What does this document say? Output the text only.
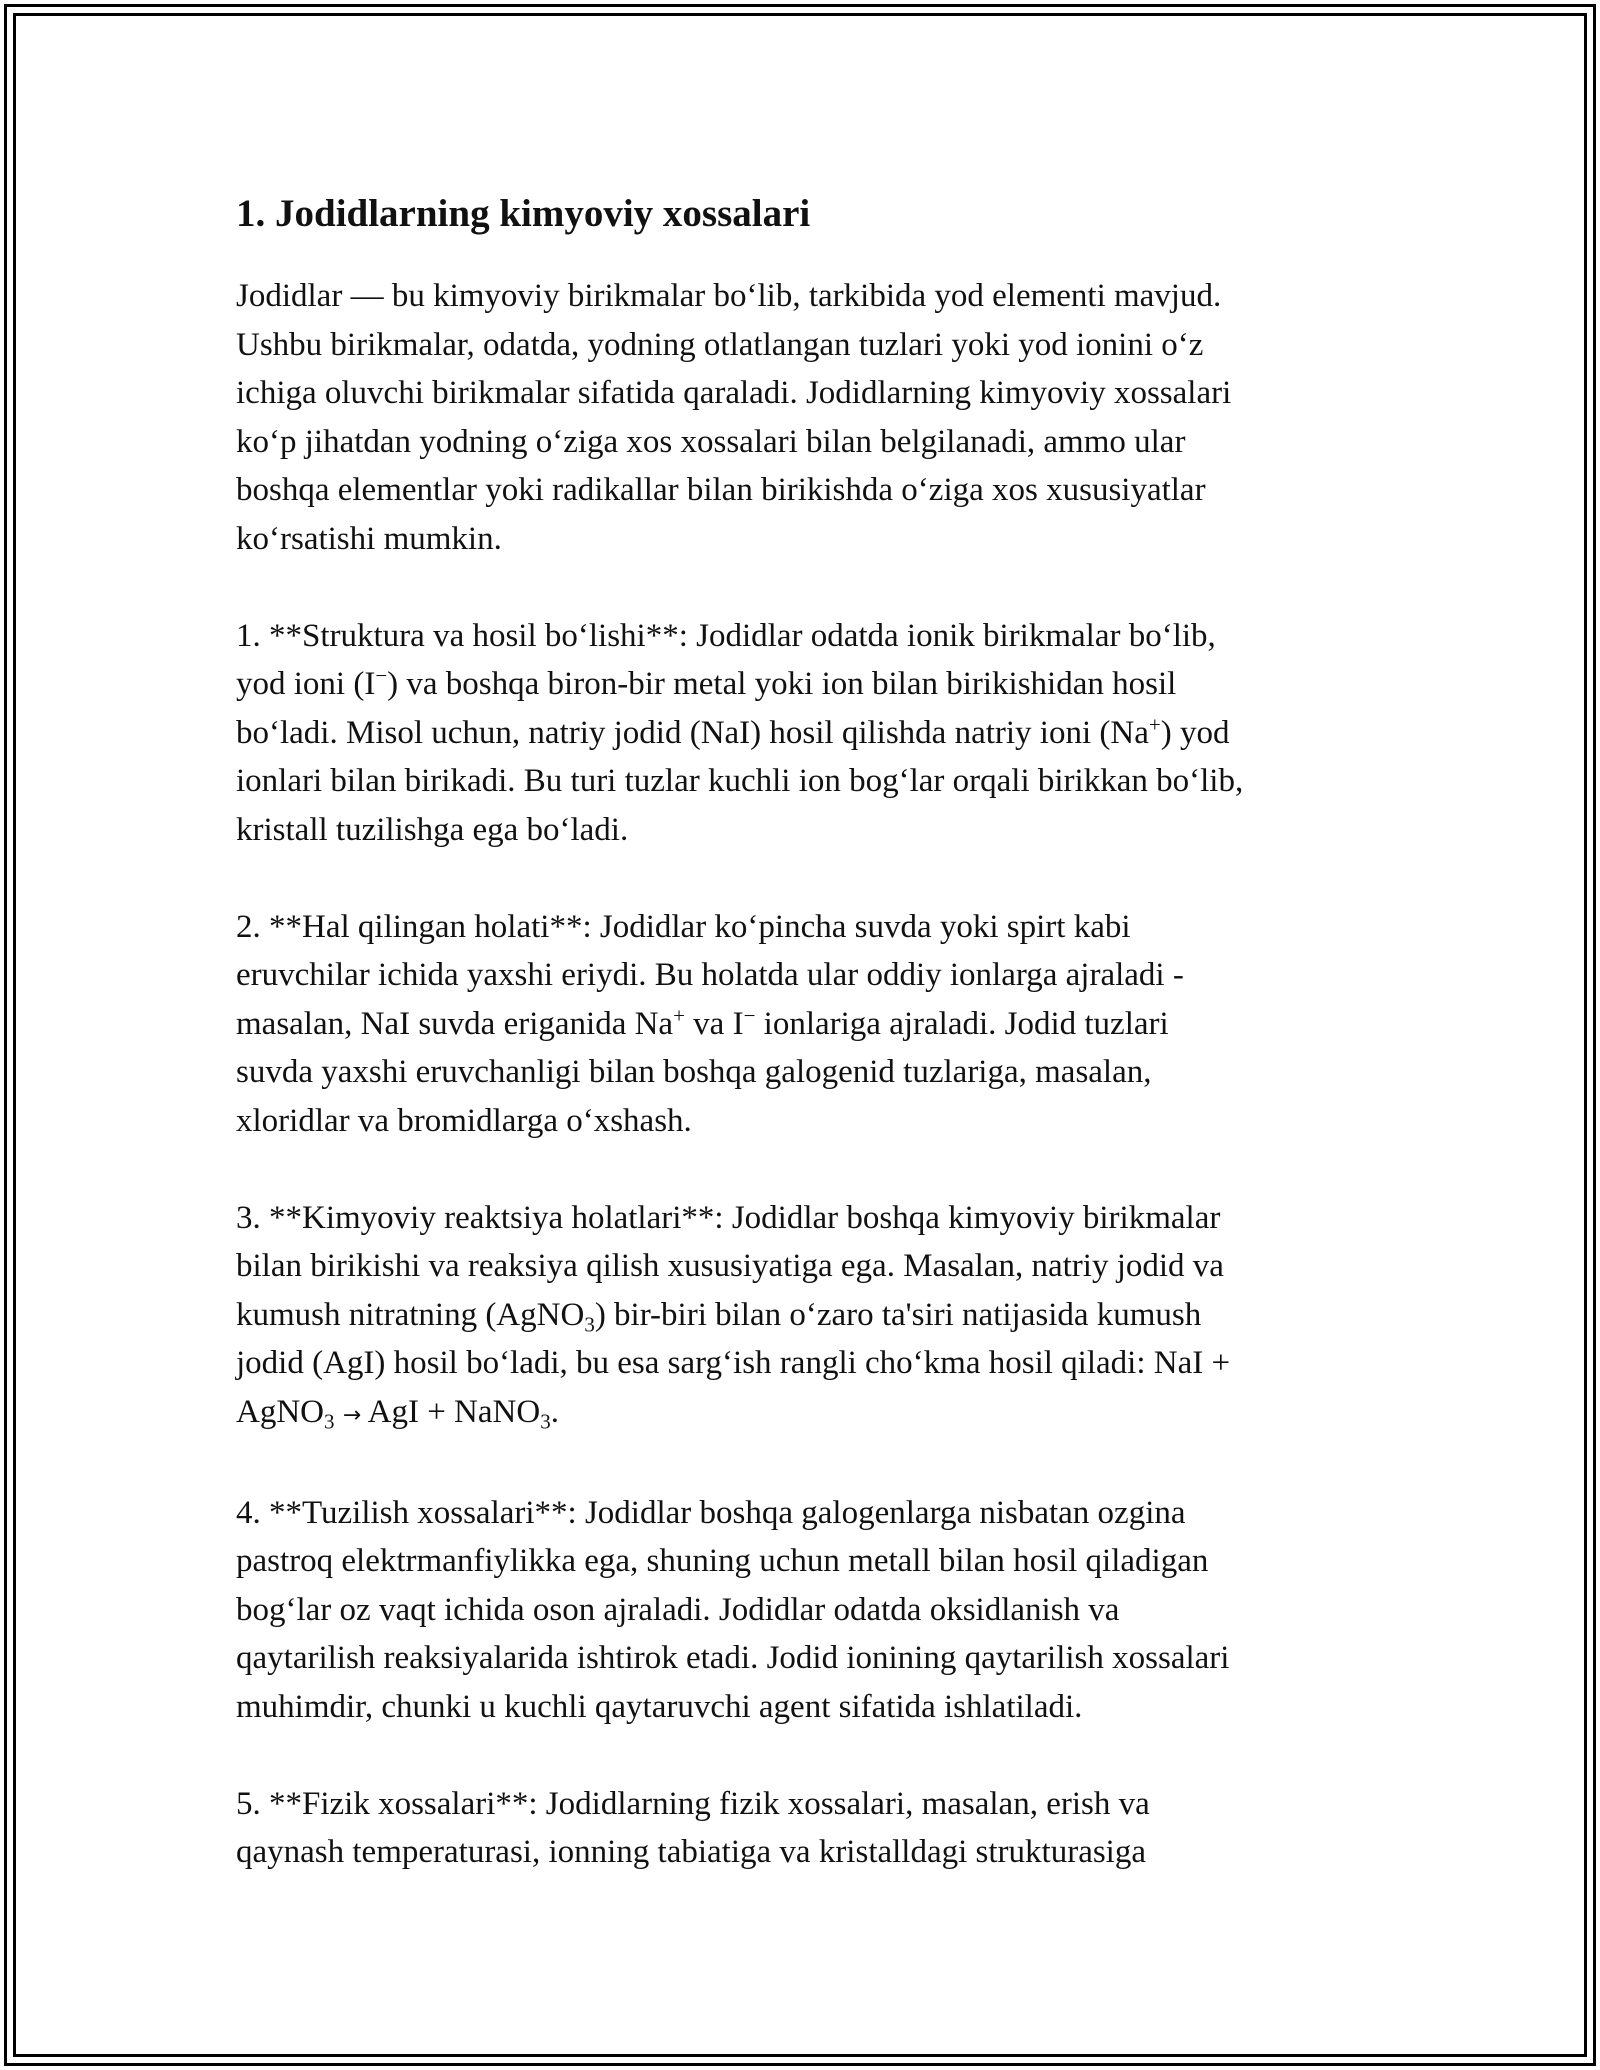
1. Jodidlarning kimyoviy xossalari
Jodidlar — bu kimyoviy birikmalar bo‘lib, tarkibida yod elementi mavjud.
Ushbu birikmalar, odatda, yodning otlatlangan tuzlari yoki yod ionini o‘z
ichiga oluvchi birikmalar sifatida qaraladi. Jodidlarning kimyoviy xossalari
ko‘p jihatdan yodning o‘ziga xos xossalari bilan belgilanadi, ammo ular
boshqa elementlar yoki radikallar bilan birikishda o‘ziga xos xususiyatlar
ko‘rsatishi mumkin.
1. **Struktura va hosil bo‘lishi**: Jodidlar odatda ionik birikmalar bo‘lib,
yod ioni (I−) va boshqa biron-bir metal yoki ion bilan birikishidan hosil
bo‘ladi. Misol uchun, natriy jodid (NaI) hosil qilishda natriy ioni (Na+) yod
ionlari bilan birikadi. Bu turi tuzlar kuchli ion bog‘lar orqali birikkan bo‘lib,
kristall tuzilishga ega bo‘ladi.
2. **Hal qilingan holati**: Jodidlar ko‘pincha suvda yoki spirt kabi
eruvchilar ichida yaxshi eriydi. Bu holatda ular oddiy ionlarga ajraladi -
masalan, NaI suvda eriganida Na+ va I− ionlariga ajraladi. Jodid tuzlari
suvda yaxshi eruvchanligi bilan boshqa galogenid tuzlariga, masalan,
xloridlar va bromidlarga o‘xshash.
3. **Kimyoviy reaktsiya holatlari**: Jodidlar boshqa kimyoviy birikmalar
bilan birikishi va reaksiya qilish xususiyatiga ega. Masalan, natriy jodid va
kumush nitratning (AgNO$_3$) bir-biri bilan o‘zaro ta'siri natijasida kumush
jodid (AgI) hosil bo‘ladi, bu esa sarg‘ish rangli cho‘kma hosil qiladi: NaI +
AgNO$_3$ → AgI + NaNO$_3$.
4. **Tuzilish xossalari**: Jodidlar boshqa galogenlarga nisbatan ozgina
pastroq elektrmanfiylikka ega, shuning uchun metall bilan hosil qiladigan
bog‘lar oz vaqt ichida oson ajraladi. Jodidlar odatda oksidlanish va
qaytarilish reaksiyalarida ishtirok etadi. Jodid ionining qaytarilish xossalari
muhimdir, chunki u kuchli qaytaruvchi agent sifatida ishlatiladi.
5. **Fizik xossalari**: Jodidlarning fizik xossalari, masalan, erish va
qaynash temperaturasi, ionning tabiatiga va kristalldagi strukturasiga
